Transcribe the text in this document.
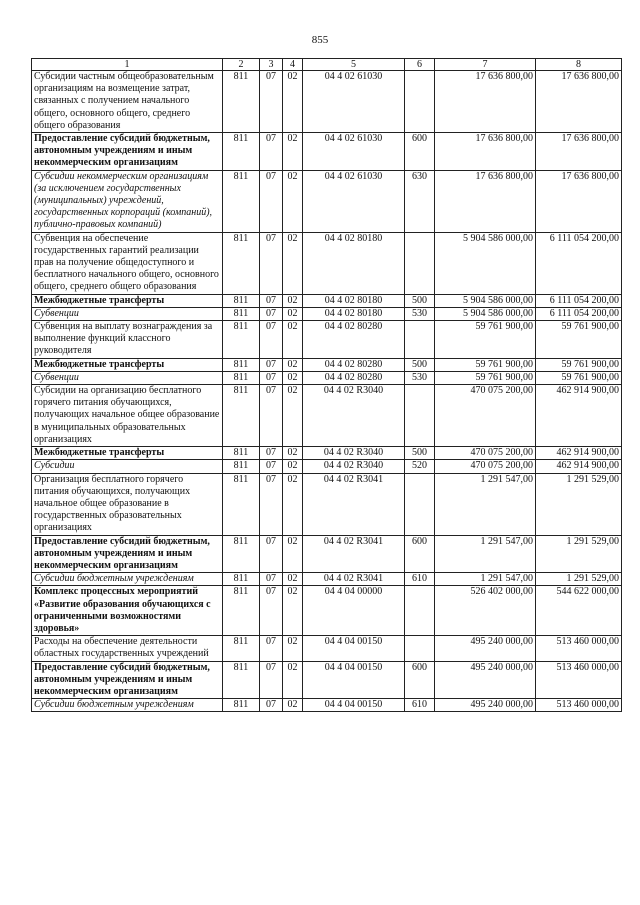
855
1	2	3	4	5	6	7	8
Субсидии частным общеобразовательным организациям на возмещение затрат, связанных с получением начального общего, основного общего, среднего общего образования	811	07	02	04 4 02 61030		17 636 800,00	17 636 800,00
Предоставление субсидий бюджетным, автономным учреждениям и иным некоммерческим организациям	811	07	02	04 4 02 61030	600	17 636 800,00	17 636 800,00
Субсидии некоммерческим организациям (за исключением государственных (муниципальных) учреждений, государственных корпораций (компаний), публично-правовых компаний)	811	07	02	04 4 02 61030	630	17 636 800,00	17 636 800,00
Субвенция на обеспечение государственных гарантий реализации прав на получение общедоступного и бесплатного начального общего, основного общего, среднего общего образования	811	07	02	04 4 02 80180		5 904 586 000,00	6 111 054 200,00
Межбюджетные трансферты	811	07	02	04 4 02 80180	500	5 904 586 000,00	6 111 054 200,00
Субвенции	811	07	02	04 4 02 80180	530	5 904 586 000,00	6 111 054 200,00
Субвенция на выплату вознаграждения за выполнение функций классного руководителя	811	07	02	04 4 02 80280		59 761 900,00	59 761 900,00
Межбюджетные трансферты	811	07	02	04 4 02 80280	500	59 761 900,00	59 761 900,00
Субвенции	811	07	02	04 4 02 80280	530	59 761 900,00	59 761 900,00
Субсидии на организацию бесплатного горячего питания обучающихся, получающих начальное общее образование в муниципальных образовательных организациях	811	07	02	04 4 02 R3040		470 075 200,00	462 914 900,00
Межбюджетные трансферты	811	07	02	04 4 02 R3040	500	470 075 200,00	462 914 900,00
Субсидии	811	07	02	04 4 02 R3040	520	470 075 200,00	462 914 900,00
Организация бесплатного горячего питания обучающихся, получающих начальное общее образование в государственных образовательных организациях	811	07	02	04 4 02 R3041		1 291 547,00	1 291 529,00
Предоставление субсидий бюджетным, автономным учреждениям и иным некоммерческим организациям	811	07	02	04 4 02 R3041	600	1 291 547,00	1 291 529,00
Субсидии бюджетным учреждениям	811	07	02	04 4 02 R3041	610	1 291 547,00	1 291 529,00
Комплекс процессных мероприятий «Развитие образования обучающихся с ограниченными возможностями здоровья»	811	07	02	04 4 04 00000		526 402 000,00	544 622 000,00
Расходы на обеспечение деятельности областных государственных учреждений	811	07	02	04 4 04 00150		495 240 000,00	513 460 000,00
Предоставление субсидий бюджетным, автономным учреждениям и иным некоммерческим организациям	811	07	02	04 4 04 00150	600	495 240 000,00	513 460 000,00
Субсидии бюджетным учреждениям	811	07	02	04 4 04 00150	610	495 240 000,00	513 460 000,00
